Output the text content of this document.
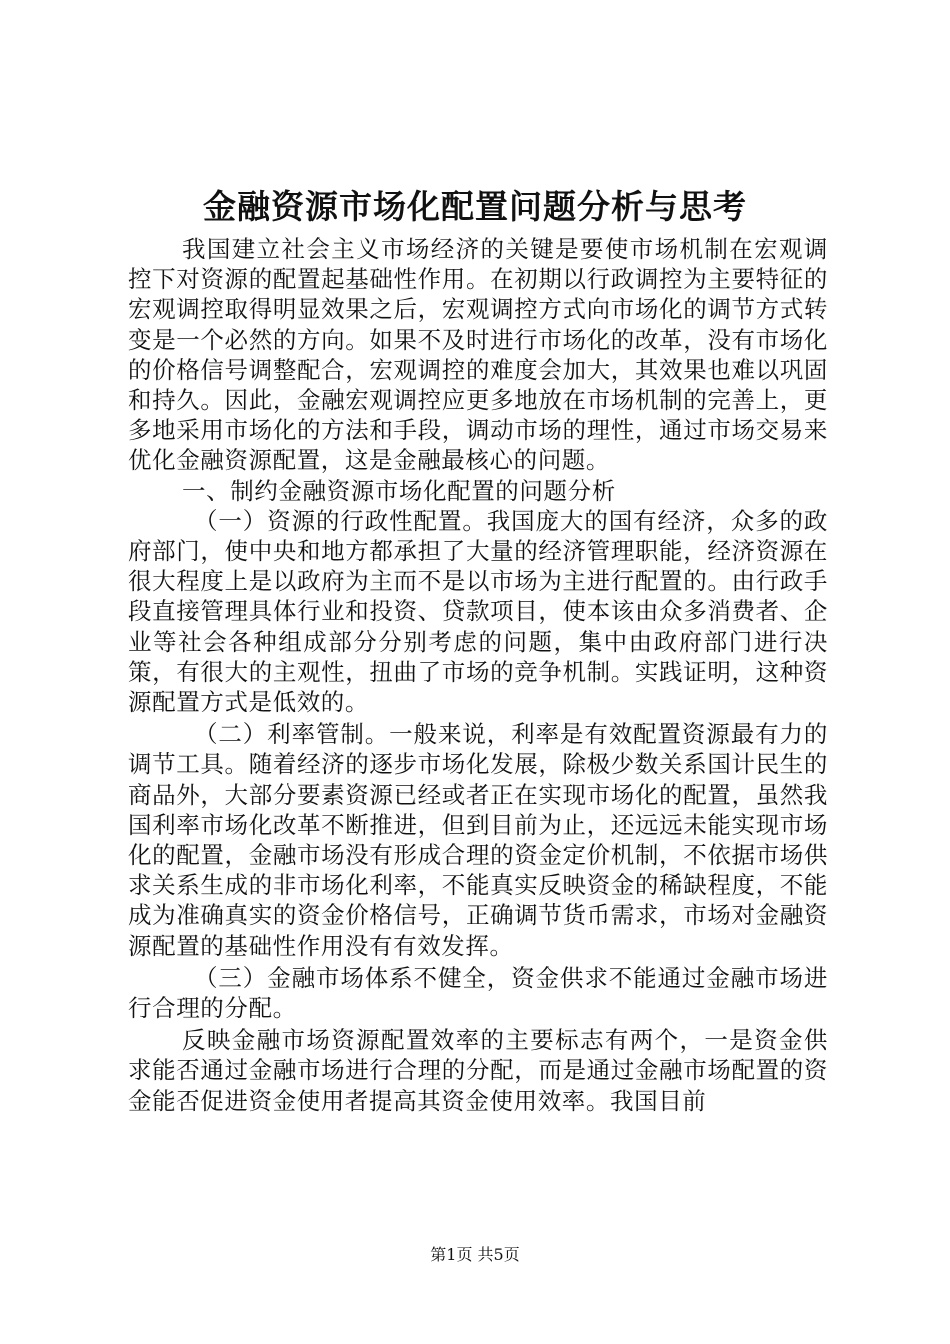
金融资源市场化配置问题分析与思考

我国建立社会主义市场经济的关键是要使市场机制在宏观调控下对资源的配置起基础性作用。在初期以行政调控为主要特征的宏观调控取得明显效果之后，宏观调控方式向市场化的调节方式转变是一个必然的方向。如果不及时进行市场化的改革，没有市场化的价格信号调整配合，宏观调控的难度会加大，其效果也难以巩固和持久。因此，金融宏观调控应更多地放在市场机制的完善上，更多地采用市场化的方法和手段，调动市场的理性，通过市场交易来优化金融资源配置，这是金融最核心的问题。

一、制约金融资源市场化配置的问题分析

（一）资源的行政性配置。我国庞大的国有经济，众多的政府部门，使中央和地方都承担了大量的经济管理职能，经济资源在很大程度上是以政府为主而不是以市场为主进行配置的。由行政手段直接管理具体行业和投资、贷款项目，使本该由众多消费者、企业等社会各种组成部分分别考虑的问题，集中由政府部门进行决策，有很大的主观性，扭曲了市场的竞争机制。实践证明，这种资源配置方式是低效的。

（二）利率管制。一般来说，利率是有效配置资源最有力的调节工具。随着经济的逐步市场化发展，除极少数关系国计民生的商品外，大部分要素资源已经或者正在实现市场化的配置，虽然我国利率市场化改革不断推进，但到目前为止，还远远未能实现市场化的配置，金融市场没有形成合理的资金定价机制，不依据市场供求关系生成的非市场化利率，不能真实反映资金的稀缺程度，不能成为准确真实的资金价格信号，正确调节货币需求，市场对金融资源配置的基础性作用没有有效发挥。

（三）金融市场体系不健全，资金供求不能通过金融市场进行合理的分配。

反映金融市场资源配置效率的主要标志有两个，一是资金供求能否通过金融市场进行合理的分配，而是通过金融市场配置的资金能否促进资金使用者提高其资金使用效率。我国目前

第1页 共5页
